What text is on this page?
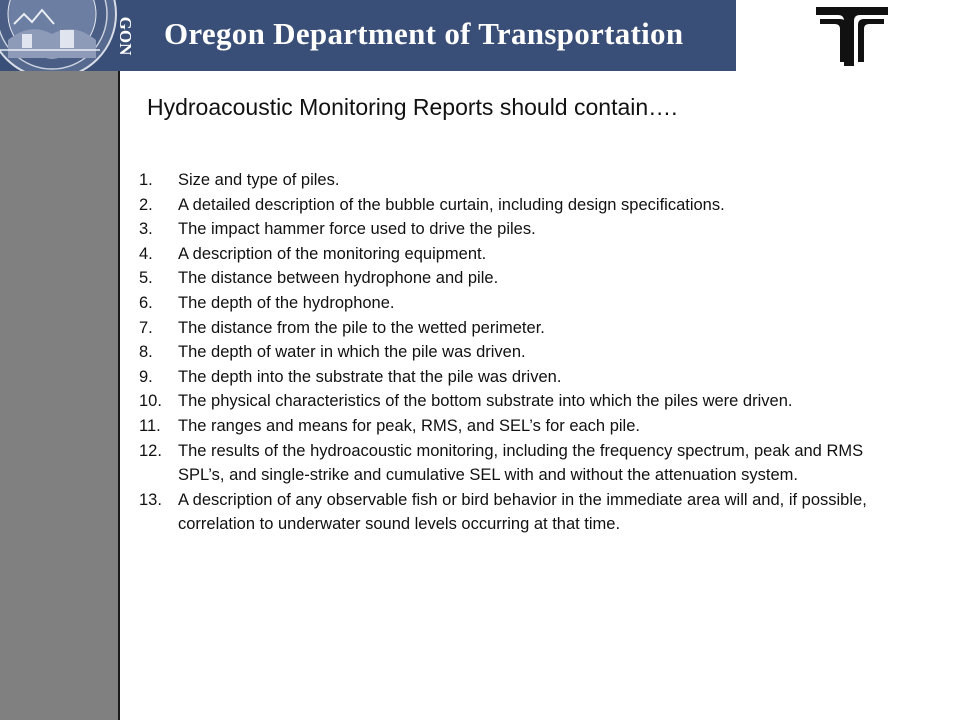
GON Oregon Department of Transportation
Hydroacoustic Monitoring Reports should contain….
1. Size and type of piles.
2. A detailed description of the bubble curtain, including design specifications.
3. The impact hammer force used to drive the piles.
4. A description of the monitoring equipment.
5. The distance between hydrophone and pile.
6. The depth of the hydrophone.
7. The distance from the pile to the wetted perimeter.
8. The depth of water in which the pile was driven.
9. The depth into the substrate that the pile was driven.
10. The physical characteristics of the bottom substrate into which the piles were driven.
11. The ranges and means for peak, RMS, and SEL’s for each pile.
12. The results of the hydroacoustic monitoring, including the frequency spectrum, peak and RMS SPL’s, and single-strike and cumulative SEL with and without the attenuation system.
13. A description of any observable fish or bird behavior in the immediate area will and, if possible, correlation to underwater sound levels occurring at that time.
